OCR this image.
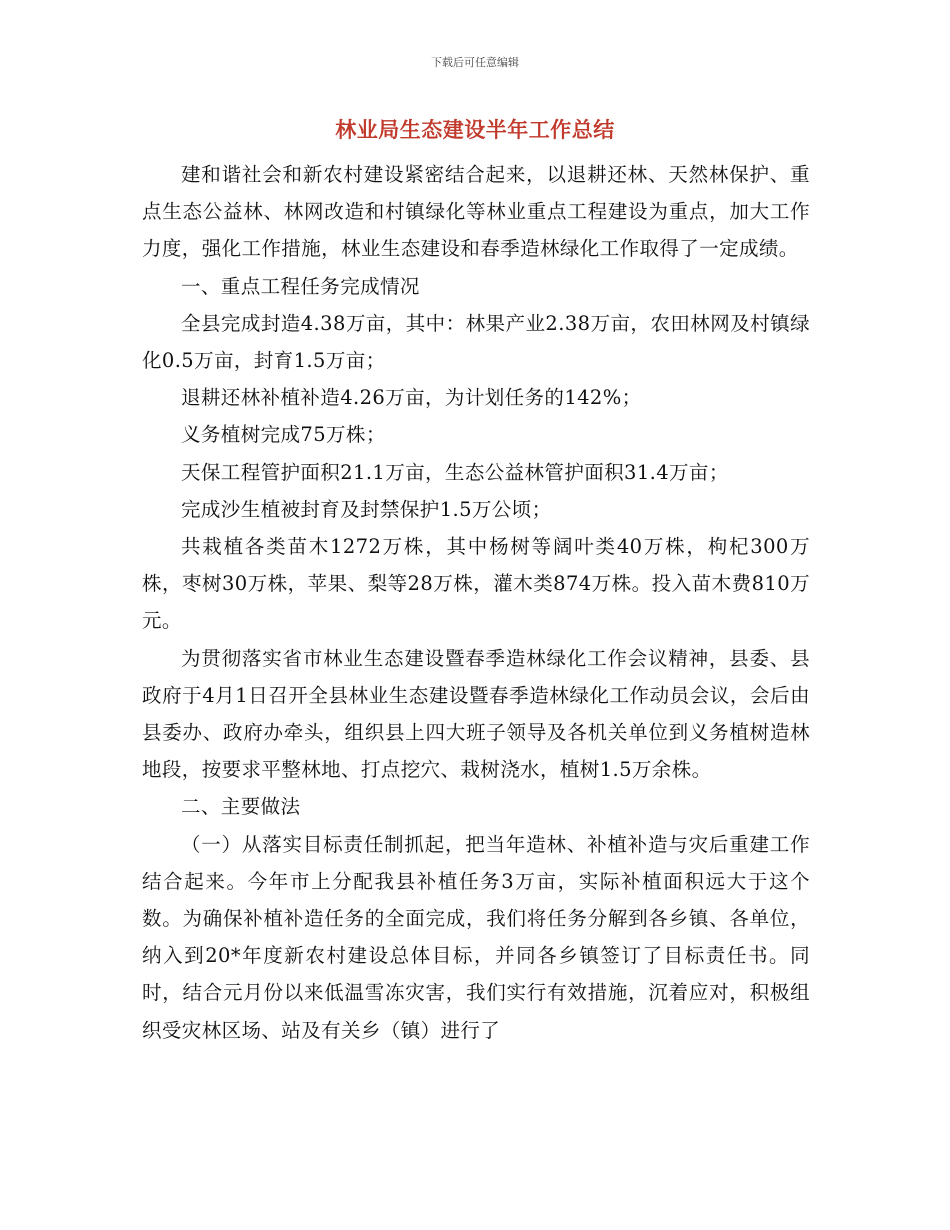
下载后可任意编辑
林业局生态建设半年工作总结

建和谐社会和新农村建设紧密结合起来，以退耕还林、天然林保护、重点生态公益林、林网改造和村镇绿化等林业重点工程建设为重点，加大工作力度，强化工作措施，林业生态建设和春季造林绿化工作取得了一定成绩。

一、重点工程任务完成情况

全县完成封造4.38万亩，其中：林果产业2.38万亩，农田林网及村镇绿化0.5万亩，封育1.5万亩；

退耕还林补植补造4.26万亩，为计划任务的142%；

义务植树完成75万株；

天保工程管护面积21.1万亩，生态公益林管护面积31.4万亩；

完成沙生植被封育及封禁保护1.5万公顷；

共栽植各类苗木1272万株，其中杨树等阔叶类40万株，枸杞300万株，枣树30万株，苹果、梨等28万株，灌木类874万株。投入苗木费810万元。

为贯彻落实省市林业生态建设暨春季造林绿化工作会议精神，县委、县政府于4月1日召开全县林业生态建设暨春季造林绿化工作动员会议，会后由县委办、政府办牵头，组织县上四大班子领导及各机关单位到义务植树造林地段，按要求平整林地、打点挖穴、栽树浇水，植树1.5万余株。

二、主要做法

（一）从落实目标责任制抓起，把当年造林、补植补造与灾后重建工作结合起来。今年市上分配我县补植任务3万亩，实际补植面积远大于这个数。为确保补植补造任务的全面完成，我们将任务分解到各乡镇、各单位，纳入到20*年度新农村建设总体目标，并同各乡镇签订了目标责任书。同时，结合元月份以来低温雪冻灾害，我们实行有效措施，沉着应对，积极组织受灾林区场、站及有关乡（镇）进行了
